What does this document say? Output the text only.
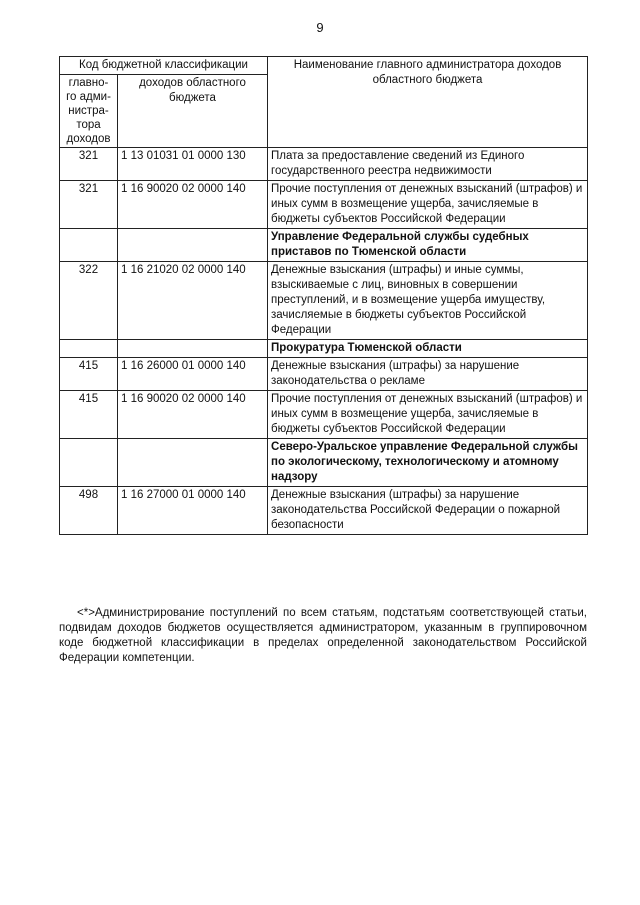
9
Код бюджетной классификации		Наименование главного администратора доходов областного бюджета
главно-
го адми-
нистра-
тора
доходов	доходов областного бюджета	
321	1 13 01031 01 0000 130	Плата за предоставление сведений из Единого государственного реестра недвижимости
321	1 16 90020 02 0000 140	Прочие поступления от денежных взысканий (штрафов) и иных сумм в возмещение ущерба, зачисляемые в бюджеты субъектов Российской Федерации
		Управление Федеральной службы судебных приставов по Тюменской области
322	1 16 21020 02 0000 140	Денежные взыскания (штрафы) и иные суммы, взыскиваемые с лиц, виновных в совершении преступлений, и в возмещение ущерба имуществу, зачисляемые в бюджеты субъектов Российской Федерации
		Прокуратура Тюменской области
415	1 16 26000 01 0000 140	Денежные взыскания (штрафы) за нарушение законодательства о рекламе
415	1 16 90020 02 0000 140	Прочие поступления от денежных взысканий (штрафов) и иных сумм в возмещение ущерба, зачисляемые в бюджеты субъектов Российской Федерации
		Северо-Уральское управление Федеральной службы по экологическому, технологическому и атомному надзору
498	1 16 27000 01 0000 140	Денежные взыскания (штрафы) за нарушение законодательства Российской Федерации о пожарной безопасности
<*>Администрирование поступлений по всем статьям, подстатьям соответствующей статьи, подвидам доходов бюджетов осуществляется администратором, указанным в группировочном коде бюджетной классификации в пределах определенной законодательством Российской Федерации компетенции.
